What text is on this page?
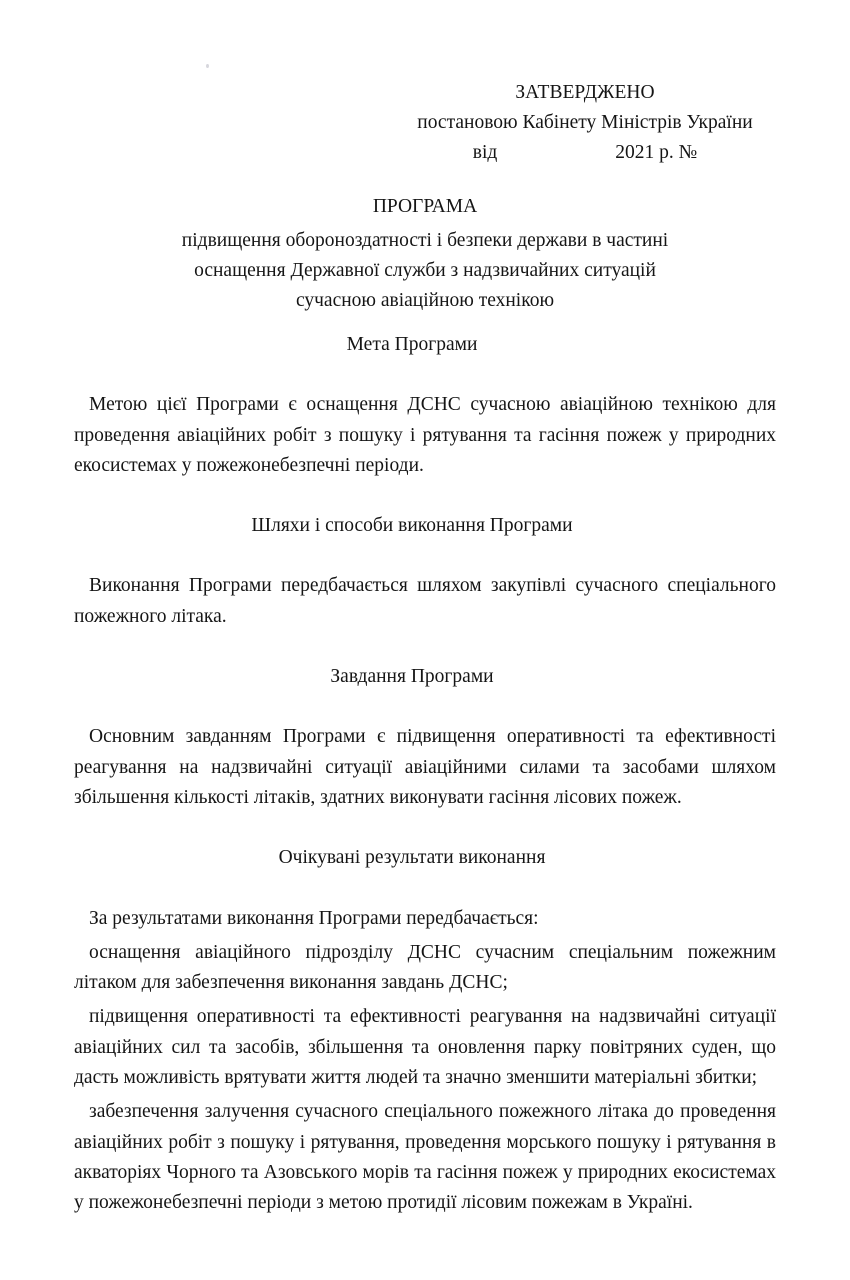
ЗАТВЕРДЖЕНО
постановою Кабінету Міністрів України
від	2021 р. №
ПРОГРАМА
підвищення обороноздатності і безпеки держави в частині
оснащення Державної служби з надзвичайних ситуацій
сучасною авіаційною технікою
Мета Програми

Метою цієї Програми є оснащення ДСНС сучасною авіаційною технікою для проведення авіаційних робіт з пошуку і рятування та гасіння пожеж у природних екосистемах у пожежонебезпечні періоди.

Шляхи і способи виконання Програми

Виконання Програми передбачається шляхом закупівлі сучасного спеціального пожежного літака.

Завдання Програми

Основним завданням Програми є підвищення оперативності та ефективності реагування на надзвичайні ситуації авіаційними силами та засобами шляхом збільшення кількості літаків, здатних виконувати гасіння лісових пожеж.

Очікувані результати виконання

За результатами виконання Програми передбачається:

оснащення авіаційного підрозділу ДСНС сучасним спеціальним пожежним літаком для забезпечення виконання завдань ДСНС;

підвищення оперативності та ефективності реагування на надзвичайні ситуації авіаційних сил та засобів, збільшення та оновлення парку повітряних суден, що дасть можливість врятувати життя людей та значно зменшити матеріальні збитки;

забезпечення залучення сучасного спеціального пожежного літака до проведення авіаційних робіт з пошуку і рятування, проведення морського пошуку і рятування в акваторіях Чорного та Азовського морів та гасіння пожеж у природних екосистемах у пожежонебезпечні періоди з метою протидії лісовим пожежам в Україні.
